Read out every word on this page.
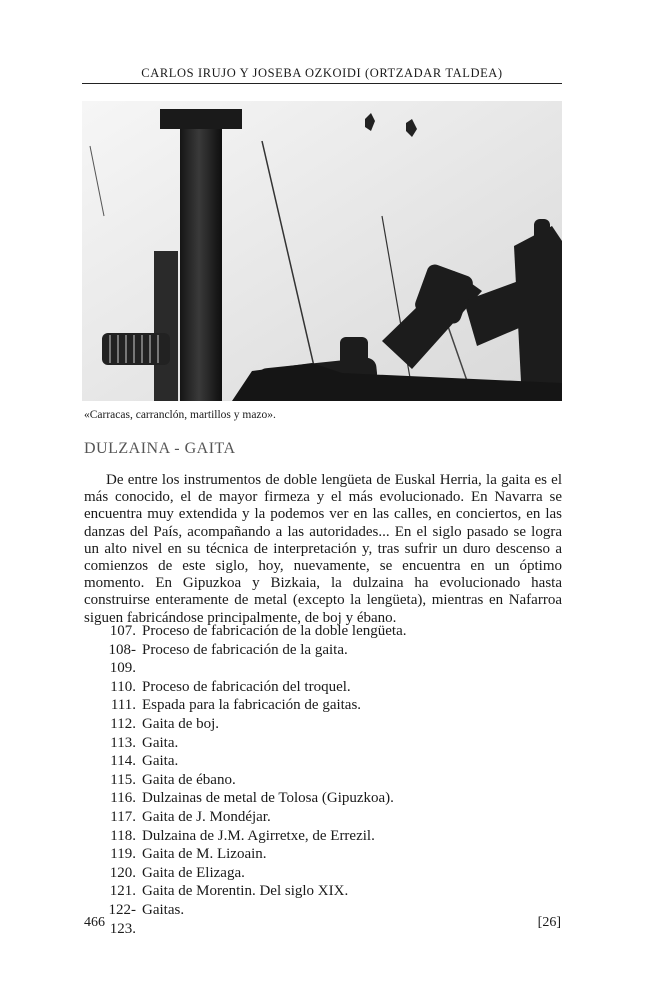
CARLOS IRUJO Y JOSEBA OZKOIDI (ORTZADAR TALDEA)
«Carracas, carranclón, martillos y mazo».
DULZAINA - GAITA

De entre los instrumentos de doble lengüeta de Euskal Herria, la gaita es el más conocido, el de mayor firmeza y el más evolucionado. En Navarra se encuentra muy extendida y la podemos ver en las calles, en conciertos, en las danzas del País, acompañando a las autoridades... En el siglo pasado se logra un alto nivel en su técnica de interpretación y, tras sufrir un duro descenso a comienzos de este siglo, hoy, nuevamente, se encuentra en un óptimo momento. En Gipuzkoa y Bizkaia, la dulzaina ha evolucionado hasta construirse enteramente de metal (excepto la lengüeta), mientras en Nafarroa siguen fabricándose principalmente, de boj y ébano.

107. Proceso de fabricación de la doble lengüeta.
108-109.
Proceso de fabricación de la gaita.
110. Proceso de fabricación del troquel.
111. Espada para la fabricación de gaitas.
112. Gaita de boj.
113. Gaita.
114. Gaita.
115. Gaita de ébano.
116. Dulzainas de metal de Tolosa (Gipuzkoa).
117. Gaita de J. Mondéjar.
118. Dulzaina de J.M. Agirretxe, de Errezil.
119. Gaita de M. Lizoain.
120. Gaita de Elizaga.
121. Gaita de Morentin. Del siglo XIX.
122-123.
Gaitas.
466	[26]
